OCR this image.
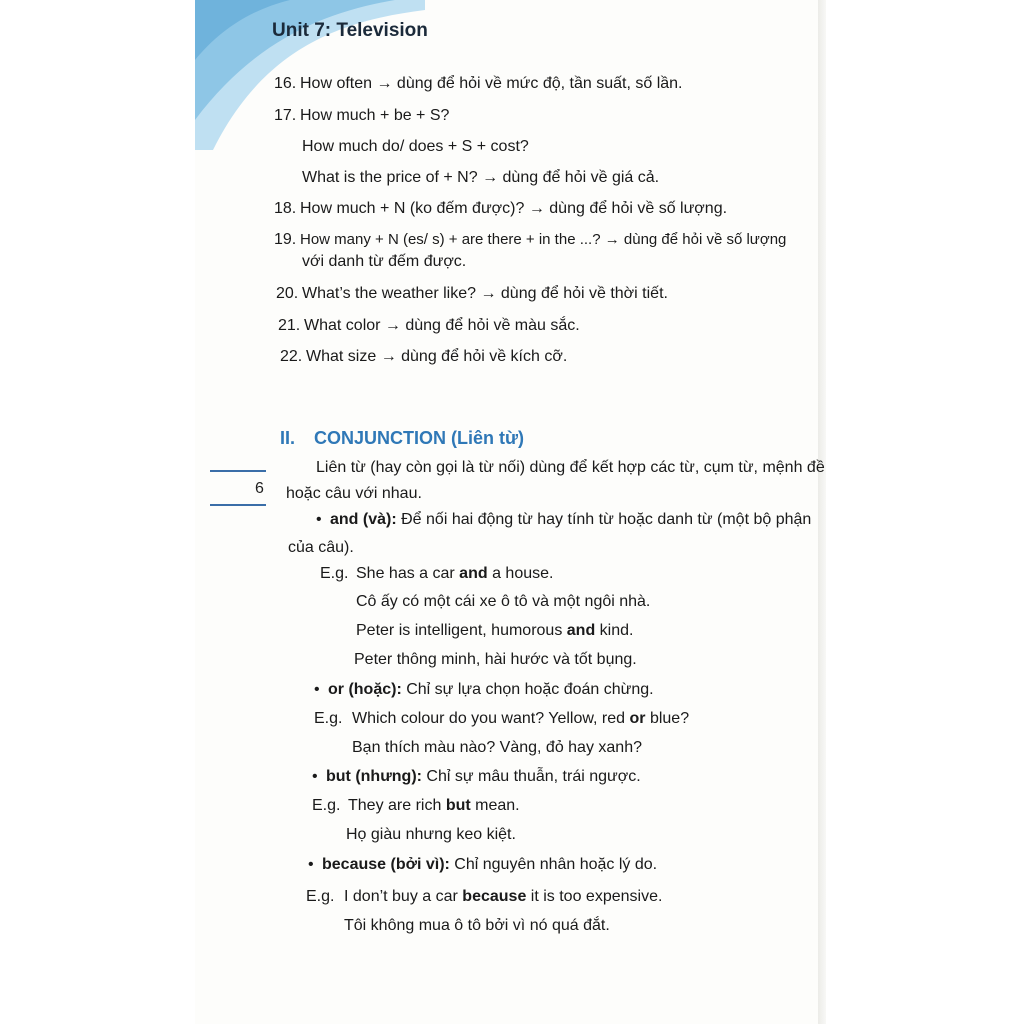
Unit 7: Television
16. How often → dùng để hỏi về mức độ, tần suất, số lần.
17. How much + be + S?
How much do/ does + S + cost?
What is the price of + N? → dùng để hỏi về giá cả.
18. How much + N (ko đếm được)? → dùng để hỏi về số lượng.
19. How many + N (es/ s) + are there + in the ...? → dùng để hỏi về số lượng
với danh từ đếm được.
20. What’s the weather like? → dùng để hỏi về thời tiết.
21. What color → dùng để hỏi về màu sắc.
22. What size → dùng để hỏi về kích cỡ.
II. CONJUNCTION (Liên từ)
6
Liên từ (hay còn gọi là từ nối) dùng để kết hợp các từ, cụm từ, mệnh đề
hoặc câu với nhau.
• and (và): Để nối hai động từ hay tính từ hoặc danh từ (một bộ phận
của câu).
E.g. She has a car and a house.
Cô ấy có một cái xe ô tô và một ngôi nhà.
Peter is intelligent, humorous and kind.
Peter thông minh, hài hước và tốt bụng.
• or (hoặc): Chỉ sự lựa chọn hoặc đoán chừng.
E.g. Which colour do you want? Yellow, red or blue?
Bạn thích màu nào? Vàng, đỏ hay xanh?
• but (nhưng): Chỉ sự mâu thuẫn, trái ngược.
E.g. They are rich but mean.
Họ giàu nhưng keo kiệt.
• because (bởi vì): Chỉ nguyên nhân hoặc lý do.
E.g. I don’t buy a car because it is too expensive.
Tôi không mua ô tô bởi vì nó quá đắt.
